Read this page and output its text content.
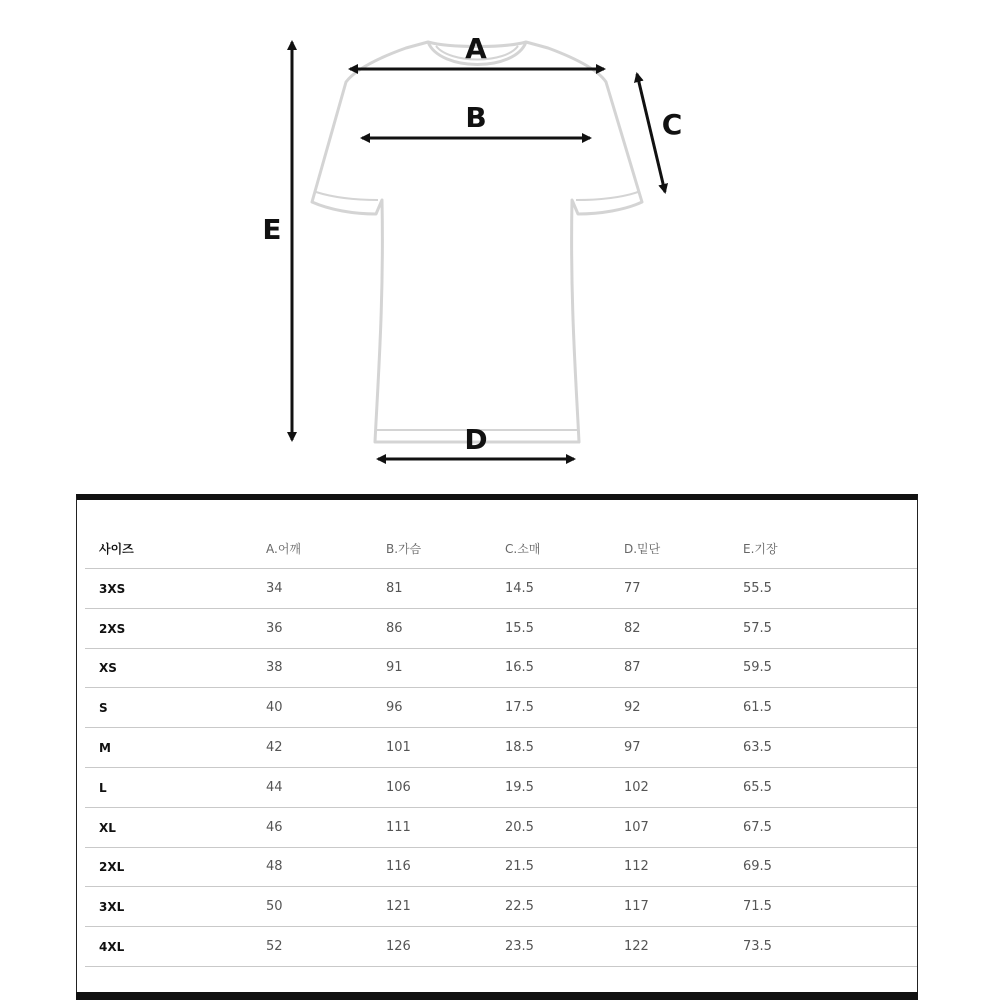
A
B	C
D
E
사이즈	A.어깨	B.가슴	C.소매	D.밑단	E.기장
3XS	34	81	14.5	77	55.5
2XS	36	86	15.5	82	57.5
XS	38	91	16.5	87	59.5
S	40	96	17.5	92	61.5
M	42	101	18.5	97	63.5
L	44	106	19.5	102	65.5
XL	46	111	20.5	107	67.5
2XL	48	116	21.5	112	69.5
3XL	50	121	22.5	117	71.5
4XL	52	126	23.5	122	73.5
